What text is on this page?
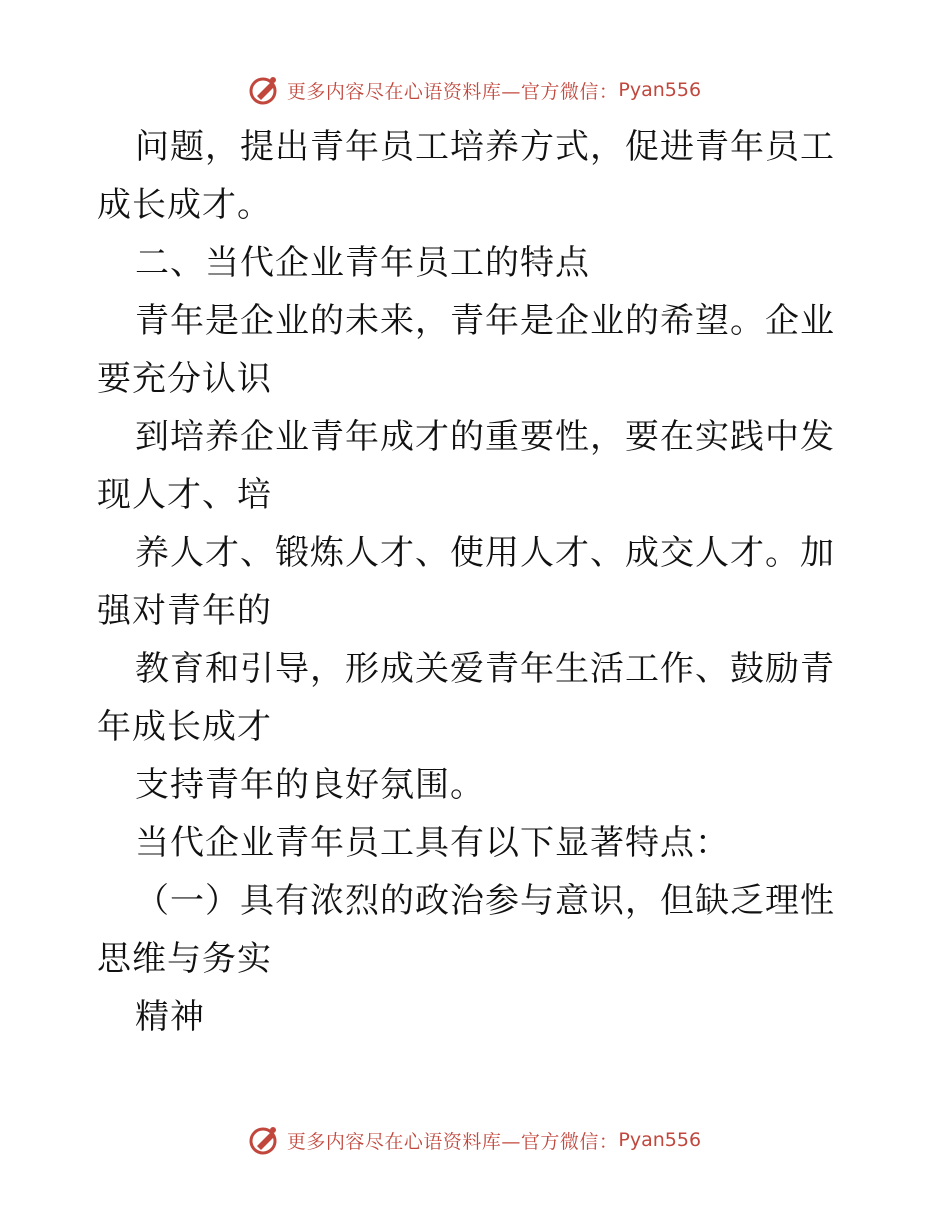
更多内容尽在心语资料库—官方微信： Pyan556

问题，提出青年员工培养方式，促进青年员工成长成才。

二、当代企业青年员工的特点

青年是企业的未来，青年是企业的希望。企业要充分认识

到培养企业青年成才的重要性，要在实践中发现人才、培

养人才、锻炼人才、使用人才、成交人才。加强对青年的

教育和引导，形成关爱青年生活工作、鼓励青年成长成才

支持青年的良好氛围。

当代企业青年员工具有以下显著特点：

（一）具有浓烈的政治参与意识，但缺乏理性思维与务实

精神

更多内容尽在心语资料库—官方微信： Pyan556
